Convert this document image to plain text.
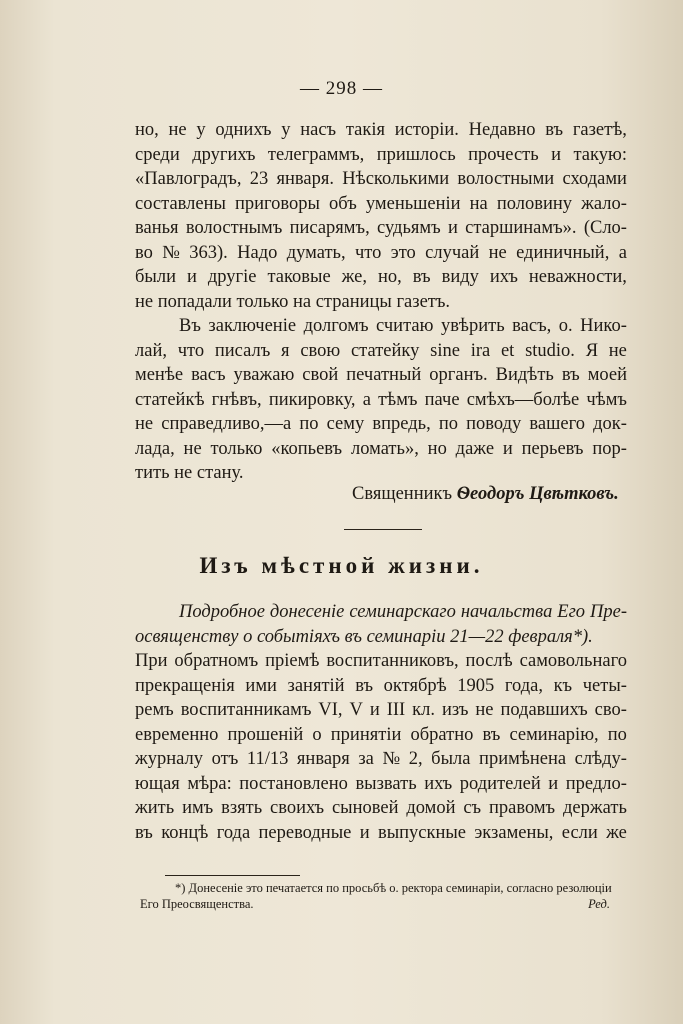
— 298 —
но, не у однихъ у насъ такія исторіи. Недавно въ газетѣ,
среди другихъ телеграммъ, пришлось прочесть и такую:
«Павлоградъ, 23 января. Нѣсколькими волостными сходами
составлены приговоры объ уменьшеніи на половину жало-
ванья волостнымъ писарямъ, судьямъ и старшинамъ». (Сло-
во № 363). Надо думать, что это случай не единичный, а
были и другіе таковые же, но, въ виду ихъ неважности,
не попадали только на страницы газетъ.
Въ заключеніе долгомъ считаю увѣрить васъ, о. Нико-
лай, что писалъ я свою статейку sine ira et studio. Я не
менѣе васъ уважаю свой печатный органъ. Видѣть въ моей
статейкѣ гнѣвъ, пикировку, а тѣмъ паче смѣхъ—болѣе чѣмъ
не справедливо,—а по сему впредь, по поводу вашего док-
лада, не только «копьевъ ломать», но даже и перьевъ пор-
тить не стану.
Священникъ Ѳеодоръ Цвѣтковъ.
Изъ мѣстной жизни.
Подробное донесеніе семинарскаго начальства Его Пре-
освященству о событіяхъ въ семинаріи 21—22 февраля*).
При обратномъ пріемѣ воспитанниковъ, послѣ самовольнаго
прекращенія ими занятій въ октябрѣ 1905 года, къ четы-
ремъ воспитанникамъ VI, V и III кл. изъ не подавшихъ сво-
евременно прошеній о принятіи обратно въ семинарію, по
журналу отъ 11/13 января за № 2, была примѣнена слѣду-
ющая мѣра: постановлено вызвать ихъ родителей и предло-
жить имъ взять своихъ сыновей домой съ правомъ держать
въ концѣ года переводные и выпускные экзамены, если же
*) Донесеніе это печатается по просьбѣ о. ректора семинаріи, согласно резолюціи
Его Преосвященства.	Ред.
